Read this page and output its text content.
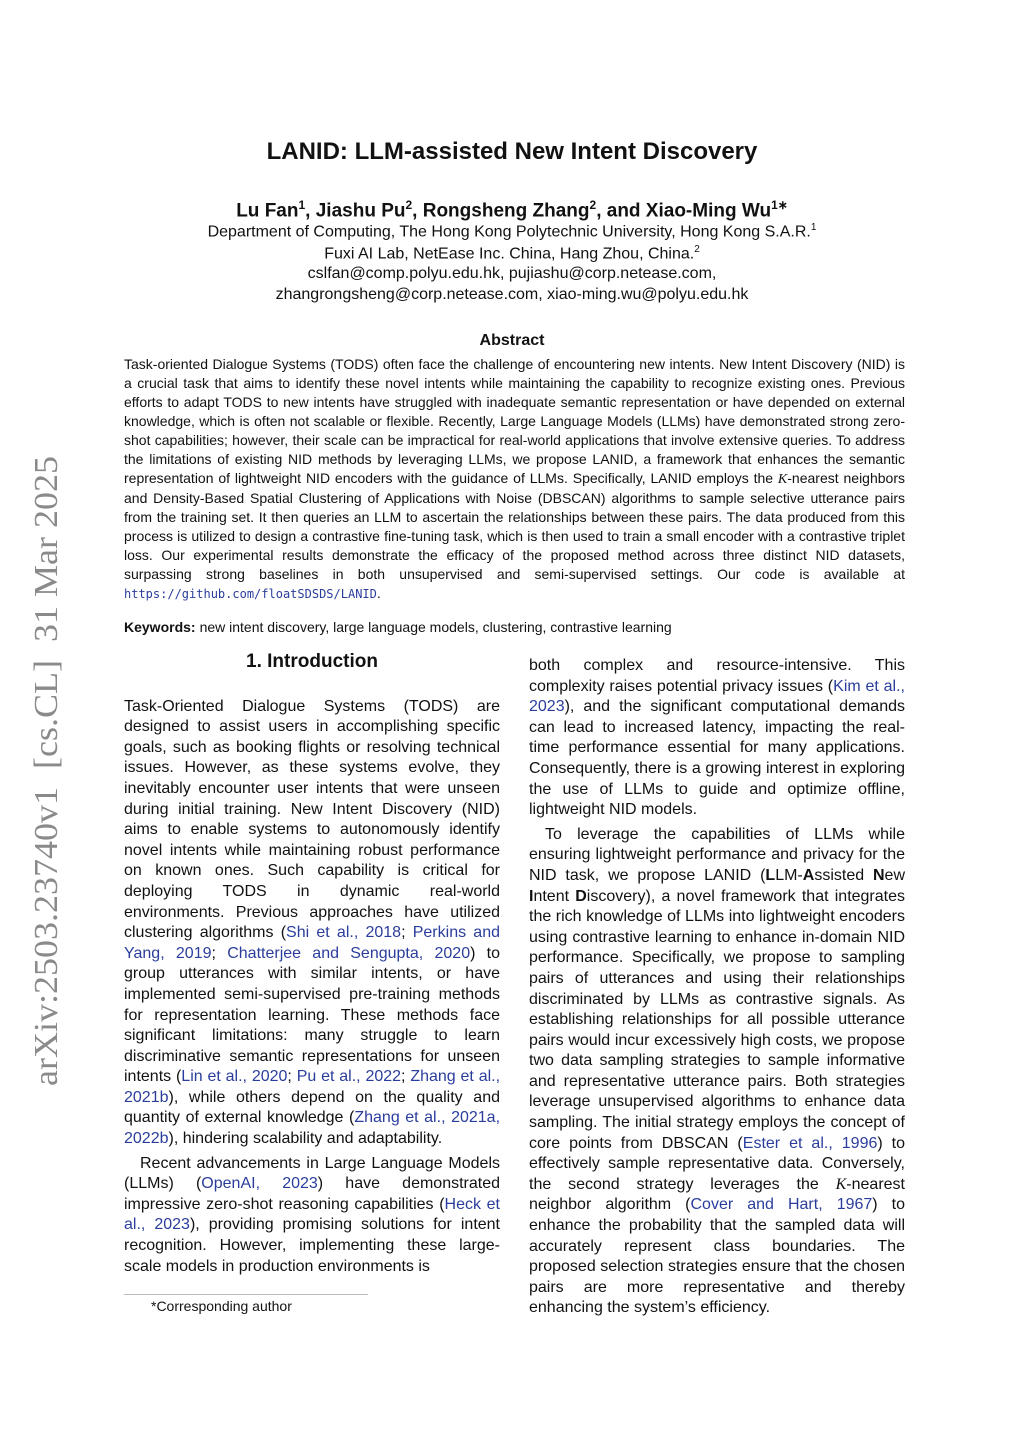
arXiv:2503.23740v1  [cs.CL]  31 Mar 2025
LANID: LLM-assisted New Intent Discovery
Lu Fan$^1$, Jiashu Pu$^2$, Rongsheng Zhang$^2$, and Xiao-Ming $Wu^{1∗}$
Department of Computing, The Hong Kong Polytechnic University, Hong Kong S.A.R.$^1$
Fuxi AI Lab, NetEase Inc. China, Hang Zhou, China.$^2$
cslfan@comp.polyu.edu.hk, pujiashu@corp.netease.com,
zhangrongsheng@corp.netease.com, xiao-ming.wu@polyu.edu.hk
Abstract

Task-oriented Dialogue Systems (TODS) often face the challenge of encountering new intents. New Intent Discovery (NID) is a crucial task that aims to identify these novel intents while maintaining the capability to recognize existing ones. Previous efforts to adapt TODS to new intents have struggled with inadequate semantic representation or have depended on external knowledge, which is often not scalable or flexible. Recently, Large Language Models (LLMs) have demonstrated strong zero-shot capabilities; however, their scale can be impractical for real-world applications that involve extensive queries. To address the limitations of existing NID methods by leveraging LLMs, we propose LANID, a framework that enhances the semantic representation of lightweight NID encoders with the guidance of LLMs. Specifically, LANID employs the K-nearest neighbors and Density-Based Spatial Clustering of Applications with Noise (DBSCAN) algorithms to sample selective utterance pairs from the training set. It then queries an LLM to ascertain the relationships between these pairs. The data produced from this process is utilized to design a contrastive fine-tuning task, which is then used to train a small encoder with a contrastive triplet loss. Our experimental results demonstrate the efficacy of the proposed method across three distinct NID datasets, surpassing strong baselines in both unsupervised and semi-supervised settings. Our code is available at https://github.com/floatSDSDS/LANID.

Keywords: new intent discovery, large language models, clustering, contrastive learning
1. Introduction

Task-Oriented Dialogue Systems (TODS) are designed to assist users in accomplishing specific goals, such as booking flights or resolving technical issues. However, as these systems evolve, they inevitably encounter user intents that were unseen during initial training. New Intent Discovery (NID) aims to enable systems to autonomously identify novel intents while maintaining robust performance on known ones. Such capability is critical for deploying TODS in dynamic real-world environments. Previous approaches have utilized clustering algorithms (Shi et al., 2018; Perkins and Yang, 2019; Chatterjee and Sengupta, 2020) to group utterances with similar intents, or have implemented semi-supervised pre-training methods for representation learning. These methods face significant limitations: many struggle to learn discriminative semantic representations for unseen intents (Lin et al., 2020; Pu et al., 2022; Zhang et al., 2021b), while others depend on the quality and quantity of external knowledge (Zhang et al., 2021a, 2022b), hindering scalability and adaptability.

Recent advancements in Large Language Models (LLMs) (OpenAI, 2023) have demonstrated impressive zero-shot reasoning capabilities (Heck et al., 2023), providing promising solutions for intent recognition. However, implementing these large-scale models in production environments is

both complex and resource-intensive. This complexity raises potential privacy issues (Kim et al., 2023), and the significant computational demands can lead to increased latency, impacting the real-time performance essential for many applications. Consequently, there is a growing interest in exploring the use of LLMs to guide and optimize offline, lightweight NID models.

To leverage the capabilities of LLMs while ensuring lightweight performance and privacy for the NID task, we propose LANID (LLM-Assisted New Intent Discovery), a novel framework that integrates the rich knowledge of LLMs into lightweight encoders using contrastive learning to enhance in-domain NID performance. Specifically, we propose to sampling pairs of utterances and using their relationships discriminated by LLMs as contrastive signals. As establishing relationships for all possible utterance pairs would incur excessively high costs, we propose two data sampling strategies to sample informative and representative utterance pairs. Both strategies leverage unsupervised algorithms to enhance data sampling. The initial strategy employs the concept of core points from DBSCAN (Ester et al., 1996) to effectively sample representative data. Conversely, the second strategy leverages the K-nearest neighbor algorithm (Cover and Hart, 1967) to enhance the probability that the sampled data will accurately represent class boundaries. The proposed selection strategies ensure that the chosen pairs are more representative and thereby enhancing the system’s efficiency.

*Corresponding author
